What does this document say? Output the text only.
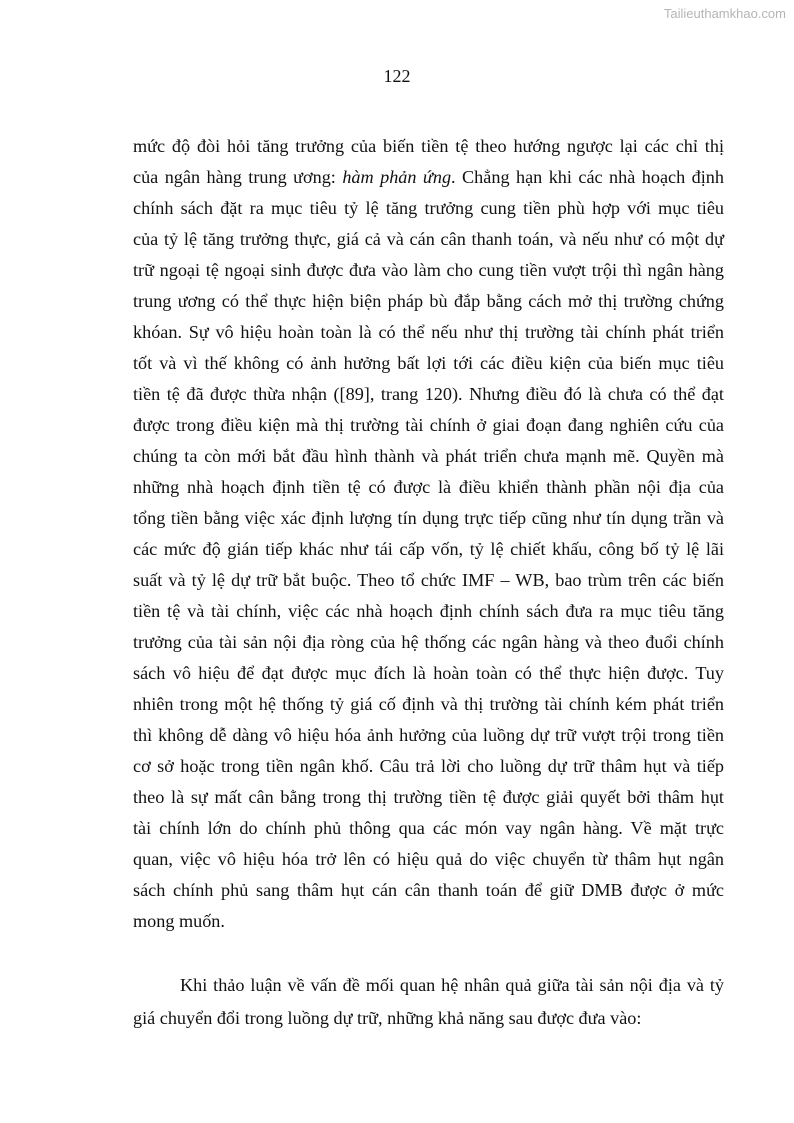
Tailieuthamkhao.com
122
mức độ đòi hỏi tăng trưởng của biến tiền tệ theo hướng ngược lại các chỉ thị
của ngân hàng trung ương: hàm phản ứng. Chẳng hạn khi các nhà hoạch định
chính sách đặt ra mục tiêu tỷ lệ tăng trưởng cung tiền phù hợp với mục tiêu
của tỷ lệ tăng trưởng thực, giá cả và cán cân thanh toán, và nếu như có một dự
trữ ngoại tệ ngoại sinh được đưa vào làm cho cung tiền vượt trội thì ngân hàng
trung ương có thể thực hiện biện pháp bù đắp bằng cách mở thị trường chứng
khóan. Sự vô hiệu hoàn toàn là có thể nếu như thị trường tài chính phát triển
tốt và vì thế không có ảnh hưởng bất lợi tới các điều kiện của biến mục tiêu
tiền tệ đã được thừa nhận ([89], trang 120). Nhưng điều đó là chưa có thể đạt
được trong điều kiện mà thị trường tài chính ở giai đoạn đang nghiên cứu của
chúng ta còn mới bắt đầu hình thành và phát triển chưa mạnh mẽ. Quyền mà
những nhà hoạch định tiền tệ có được là điều khiển thành phần nội địa của
tổng tiền bằng việc xác định lượng tín dụng trực tiếp cũng như tín dụng trần và
các mức độ gián tiếp khác như tái cấp vốn, tỷ lệ chiết khấu, công bố tỷ lệ lãi
suất và tỷ lệ dự trữ bắt buộc. Theo tổ chức IMF – WB, bao trùm trên các biến
tiền tệ và tài chính, việc các nhà hoạch định chính sách đưa ra mục tiêu tăng
trưởng của tài sản nội địa ròng của hệ thống các ngân hàng và theo đuổi chính
sách vô hiệu để đạt được mục đích là hoàn toàn có thể thực hiện được. Tuy
nhiên trong một hệ thống tỷ giá cố định và thị trường tài chính kém phát triển
thì không dễ dàng vô hiệu hóa ảnh hưởng của luồng dự trữ vượt trội trong tiền
cơ sở hoặc trong tiền ngân khố. Câu trả lời cho luồng dự trữ thâm hụt và tiếp
theo là sự mất cân bằng trong thị trường tiền tệ được giải quyết bởi thâm hụt
tài chính lớn do chính phủ thông qua các món vay ngân hàng. Về mặt trực
quan, việc vô hiệu hóa trở lên có hiệu quả do việc chuyển từ thâm hụt ngân
sách chính phủ sang thâm hụt cán cân thanh toán để giữ DMB được ở mức
mong muốn.
Khi thảo luận về vấn đề mối quan hệ nhân quả giữa tài sản nội địa và tỷ
giá chuyển đổi trong luồng dự trữ, những khả năng sau được đưa vào:
